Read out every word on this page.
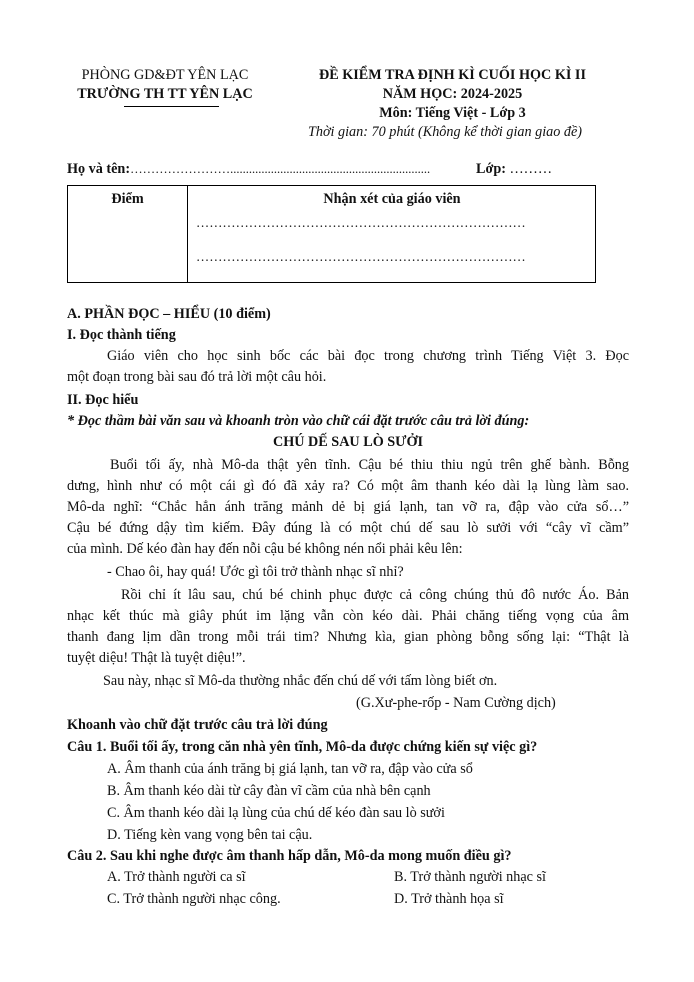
PHÒNG GD&ĐT YÊN LẠC
TRƯỜNG TH TT YÊN LẠC
ĐỀ KIỂM TRA ĐỊNH KÌ CUỐI HỌC KÌ II
NĂM HỌC: 2024-2025
Môn: Tiếng Việt - Lớp 3
Thời gian: 70 phút (Không kể thời gian giao đề)
Họ và tên:……………………................................................................	Lớp: ………
Điểm	Nhận xét của giáo viên
…………………………………………………………………
…………………………………………………………………
A. PHẦN ĐỌC – HIỂU (10 điểm)
I. Đọc thành tiếng
Giáo viên cho học sinh bốc các bài đọc trong chương trình Tiếng Việt 3. Đọc
một đoạn trong bài sau đó trả lời một câu hỏi.
II. Đọc hiểu
* Đọc thầm bài văn sau và khoanh tròn vào chữ cái đặt trước câu trả lời đúng:
CHÚ DẾ SAU LÒ SƯỞI
Buổi tối ấy, nhà Mô-da thật yên tĩnh. Cậu bé thiu thiu ngủ trên ghế bành. Bỗng
dưng, hình như có một cái gì đó đã xảy ra? Có một âm thanh kéo dài lạ lùng làm sao.
Mô-da nghĩ: “Chắc hẳn ánh trăng mảnh dẻ bị giá lạnh, tan vỡ ra, đập vào cửa sổ…”
Cậu bé đứng dậy tìm kiếm. Đây đúng là có một chú dế sau lò sưởi với “cây vĩ cầm”
của mình. Dế kéo đàn hay đến nỗi cậu bé không nén nổi phải kêu lên:
- Chao ôi, hay quá! Ước gì tôi trở thành nhạc sĩ nhỉ?
Rồi chỉ ít lâu sau, chú bé chinh phục được cả công chúng thủ đô nước Áo. Bản
nhạc kết thúc mà giây phút im lặng vẫn còn kéo dài. Phải chăng tiếng vọng của âm
thanh đang lịm dần trong mỗi trái tim? Nhưng kìa, gian phòng bỗng sống lại: “Thật là
tuyệt diệu! Thật là tuyệt diệu!”.
Sau này, nhạc sĩ Mô-da thường nhắc đến chú dế với tấm lòng biết ơn.
(G.Xư-phe-rốp - Nam Cường dịch)
Khoanh vào chữ đặt trước câu trả lời đúng
Câu 1. Buổi tối ấy, trong căn nhà yên tĩnh, Mô-da được chứng kiến sự việc gì?
A. Âm thanh của ánh trăng bị giá lạnh, tan vỡ ra, đập vào cửa sổ
B. Âm thanh kéo dài từ cây đàn vĩ cầm của nhà bên cạnh
C. Âm thanh kéo dài lạ lùng của chú dế kéo đàn sau lò sưởi
D. Tiếng kèn vang vọng bên tai cậu.
Câu 2. Sau khi nghe được âm thanh hấp dẫn, Mô-da mong muốn điều gì?
A. Trở thành người ca sĩ	B. Trở thành người nhạc sĩ
C. Trở thành người nhạc công.	D. Trở thành họa sĩ
